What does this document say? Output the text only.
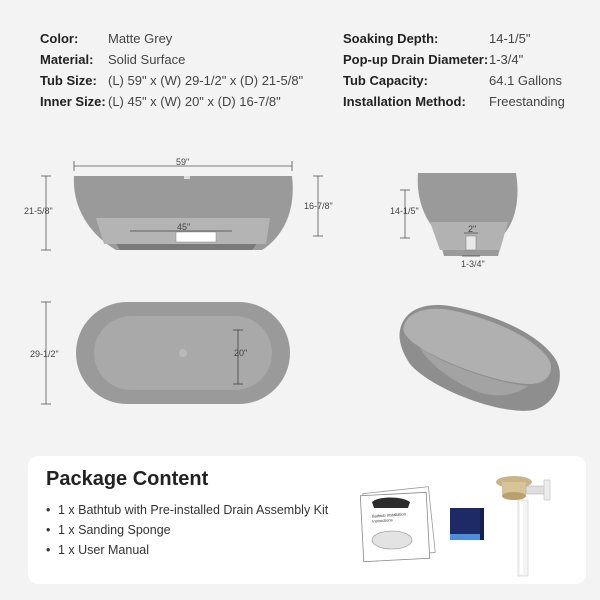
Color: Matte Grey
Material: Solid Surface
Tub Size: (L) 59" x (W) 29-1/2" x (D) 21-5/8"
Inner Size: (L) 45" x (W) 20" x (D) 16-7/8"
Soaking Depth:	14-1/5"
Pop-up Drain Diameter: 1-3/4"
Tub Capacity:	64.1 Gallons
Installation Method: Freestanding
59"
21-5/8"	16-7/8"
45"
14-1/5"
2"
1-3/4"
29-1/2"	20"
Package Content
• 1 x Bathtub with Pre-installed Drain Assembly Kit
• 1 x Sanding Sponge
• 1 x User Manual
Bathtub Installation Instructions
